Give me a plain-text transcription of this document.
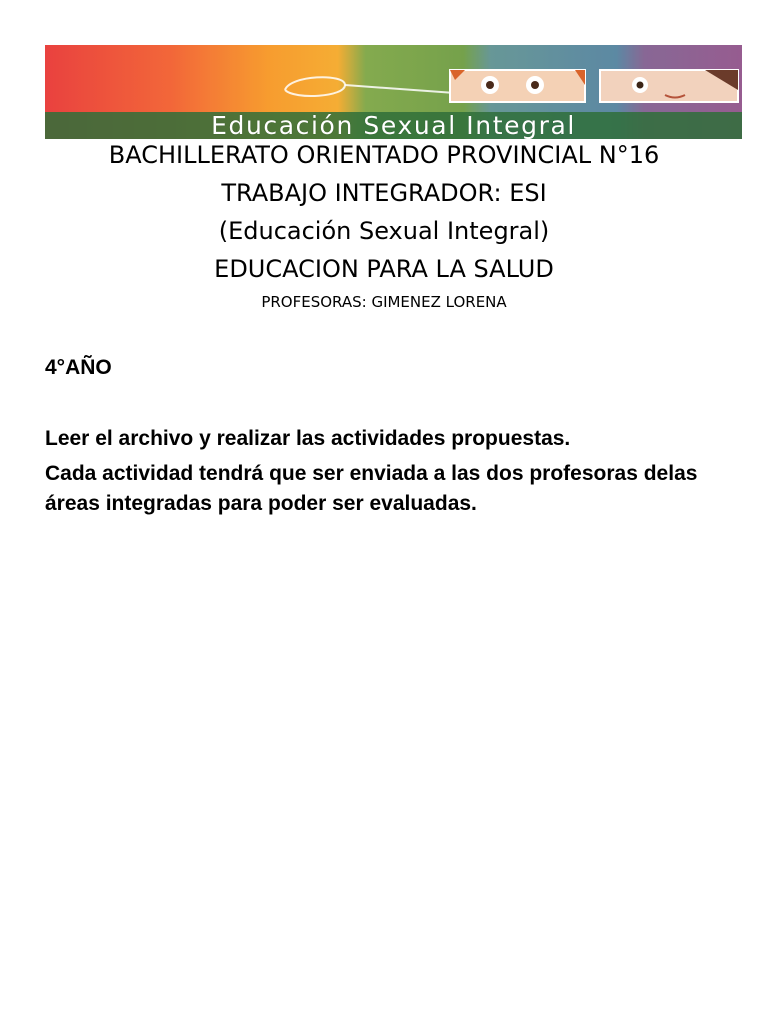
Educación Sexual Integral
BACHILLERATO ORIENTADO PROVINCIAL N°16
TRABAJO INTEGRADOR: ESI
(Educación Sexual Integral)
EDUCACION PARA LA SALUD
PROFESORAS: GIMENEZ LORENA
4°AÑO
Leer el archivo y realizar las actividades propuestas.
Cada actividad tendrá que ser enviada a las dos profesoras delas áreas integradas para poder ser evaluadas.
